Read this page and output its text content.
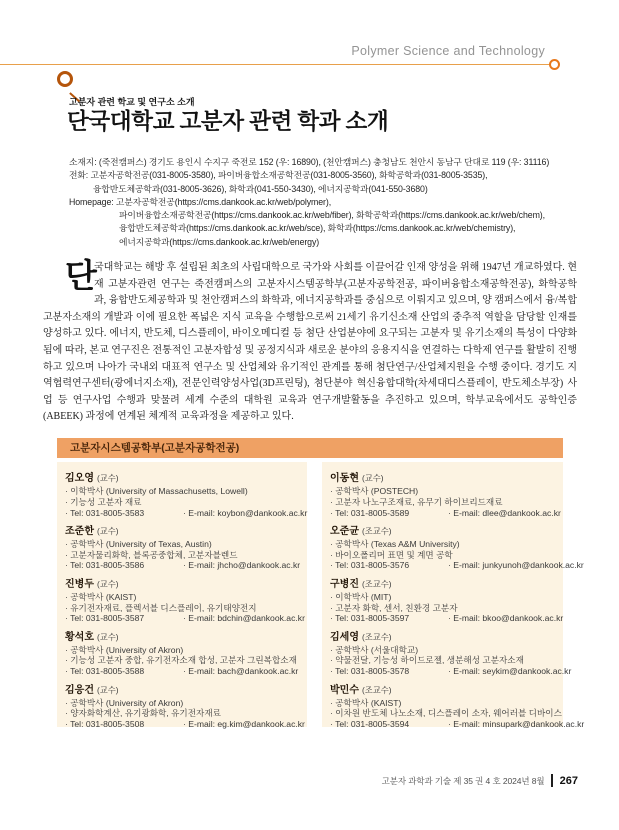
Polymer Science and Technology
고분자 관련 학교 및 연구소 소개
단국대학교 고분자 관련 학과 소개
소재지: (죽전캠퍼스) 경기도 용인시 수지구 죽전로 152 (우: 16890), (천안캠퍼스) 충청남도 천안시 동남구 단대로 119 (우: 31116)
전화: 고분자공학전공(031-8005-3580), 파이버융합소재공학전공(031-8005-3560), 화학공학과(031-8005-3535),
융합반도체공학과(031-8005-3626), 화학과(041-550-3430), 에너지공학과(041-550-3680)
Homepage: 고분자공학전공(https://cms.dankook.ac.kr/web/polymer),
파이버융합소재공학전공(https://cms.dankook.ac.kr/web/fiber), 화학공학과(https://cms.dankook.ac.kr/web/chem),
융합반도체공학과(https://cms.dankook.ac.kr/web/sce), 화학과(https://cms.dankook.ac.kr/web/chemistry),
에너지공학과(https://cms.dankook.ac.kr/web/energy)
단

국대학교는 해방 후 설립된 최초의 사립대학으로 국가와 사회를 이끌어갈 인재 양성을 위해 1947년 개교하였다. 현재 고분자관련 연구는 죽전캠퍼스의 고분자시스템공학부(고분자공학전공, 파이버융합소재공학전공), 화학공학과, 융합반도체공학과 및 천안캠퍼스의 화학과, 에너지공학과를 중심으로 이뤄지고 있으며, 양 캠퍼스에서 융/복합 고분자소재의 개발과 이에 필요한 폭넓은 지식 교육을 수행함으로써 21세기 유기신소재 산업의 중추적 역할을 담당할 인재를 양성하고 있다. 에너지, 반도체, 디스플레이, 바이오메디컬 등 첨단 산업분야에 요구되는 고분자 및 유기소재의 특성이 다양화됨에 따라, 본교 연구진은 전통적인 고분자합성 및 공정지식과 새로운 분야의 응용지식을 연결하는 다학제 연구를 활발히 진행하고 있으며 나아가 국내외 대표적 연구소 및 산업체와 유기적인 관계를 통해 첨단연구/산업체지원을 수행 중이다. 경기도 지역협력연구센터(광에너지소재), 전문인력양성사업(3D프린팅), 첨단분야 혁신융합대학(차세대디스플레이, 반도체소부장) 사업 등 연구사업 수행과 맞물려 세계 수준의 대학원 교육과 연구개발활동을 추진하고 있으며, 학부교육에서도 공학인증(ABEEK) 과정에 연계된 체계적 교육과정을 제공하고 있다.

고분자시스템공학부(고분자공학전공)
김오영 (교수)
· 이학박사 (University of Massachusetts, Lowell)
· 기능성 고분자 재료
· Tel: 031-8005-3583	· E-mail: koybon@dankook.ac.kr
조준한 (교수)
· 공학박사 (University of Texas, Austin)
· 고분자물리화학, 블록공중합체, 고분자블렌드
· Tel: 031-8005-3586	· E-mail: jhcho@dankook.ac.kr
진병두 (교수)
· 공학박사 (KAIST)
· 유기전자재료, 플렉서블 디스플레이, 유기태양전지
· Tel: 031-8005-3587	· E-mail: bdchin@dankook.ac.kr
황석호 (교수)
· 공학박사 (University of Akron)
· 기능성 고분자 중합, 유기전자소재 합성, 고분자 그린복합소재
· Tel: 031-8005-3588	· E-mail: bach@dankook.ac.kr
김응건 (교수)
· 공학박사 (University of Akron)
· 양자화학계산, 유기광화학, 유기전자재료
· Tel: 031-8005-3508	· E-mail: eg.kim@dankook.ac.kr
이동현 (교수)
· 공학박사 (POSTECH)
· 고분자 나노구조재료, 유무기 하이브리드재료
· Tel: 031-8005-3589	· E-mail: dlee@dankook.ac.kr
오준균 (조교수)
· 공학박사 (Texas A&M University)
· 바이오폴리머 표면 및 계면 공학
· Tel: 031-8005-3576	· E-mail: junkyunoh@dankook.ac.kr
구병진 (조교수)
· 이학박사 (MIT)
· 고분자 화학, 센서, 친환경 고분자
· Tel: 031-8005-3597	· E-mail: bkoo@dankook.ac.kr
김세영 (조교수)
· 공학박사 (서울대학교)
· 약물전달, 기능성 하이드로젤, 생분해성 고분자소재
· Tel: 031-8005-3578	· E-mail: seykim@dankook.ac.kr
박민수 (조교수)
· 공학박사 (KAIST)
· 이차원 반도체 나노소재, 디스플레이 소자, 웨어러블 디바이스
· Tel: 031-8005-3594	· E-mail: minsupark@dankook.ac.kr
고분자 과학과 기술 제 35 권 4 호 2024년 8월 267
